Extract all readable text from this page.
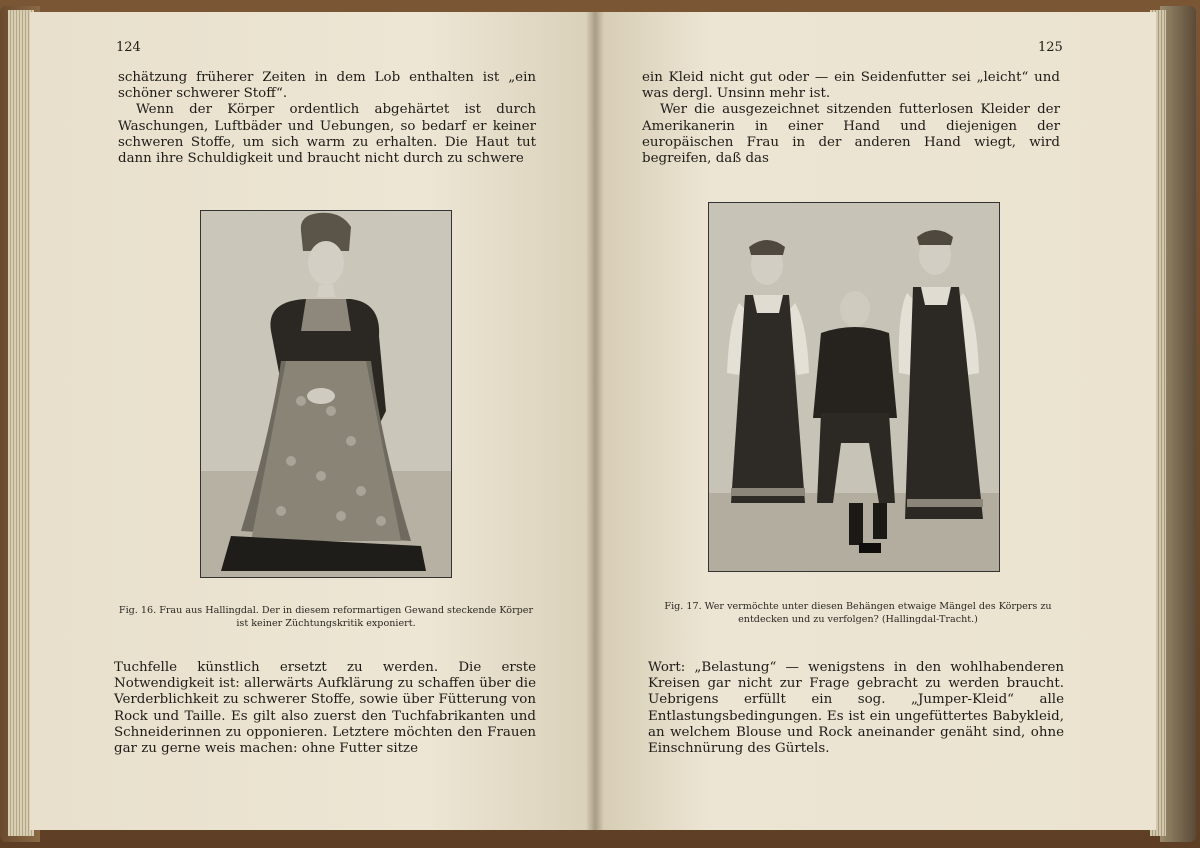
124

schätzung früherer Zeiten in dem Lob enthalten ist „ein schöner schwerer Stoff“.

Wenn der Körper ordentlich abgehärtet ist durch Waschungen, Luftbäder und Uebungen, so bedarf er keiner schweren Stoffe, um sich warm zu erhalten. Die Haut tut dann ihre Schuldigkeit und braucht nicht durch zu schwere

Fig. 16. Frau aus Hallingdal. Der in diesem reformartigen Gewand steckende Körper ist keiner Züchtungskritik exponiert.

Tuchfelle künstlich ersetzt zu werden. Die erste Notwendigkeit ist: allerwärts Aufklärung zu schaffen über die Verderblichkeit zu schwerer Stoffe, sowie über Fütterung von Rock und Taille. Es gilt also zuerst den Tuchfabrikanten und Schneiderinnen zu opponieren. Letztere möchten den Frauen gar zu gerne weis machen: ohne Futter sitze

125

ein Kleid nicht gut oder — ein Seidenfutter sei „leicht“ und was dergl. Unsinn mehr ist.

Wer die ausgezeichnet sitzenden futterlosen Kleider der Amerikanerin in einer Hand und diejenigen der europäischen Frau in der anderen Hand wiegt, wird begreifen, daß das

Fig. 17. Wer vermöchte unter diesen Behängen etwaige Mängel des Körpers zu entdecken und zu verfolgen? (Hallingdal-Tracht.)

Wort: „Belastung“ — wenigstens in den wohlhabenderen Kreisen gar nicht zur Frage gebracht zu werden braucht. Uebrigens erfüllt ein sog. „Jumper-Kleid“ alle Entlastungsbedingungen. Es ist ein ungefüttertes Babykleid, an welchem Blouse und Rock aneinander genäht sind, ohne Einschnürung des Gürtels.
